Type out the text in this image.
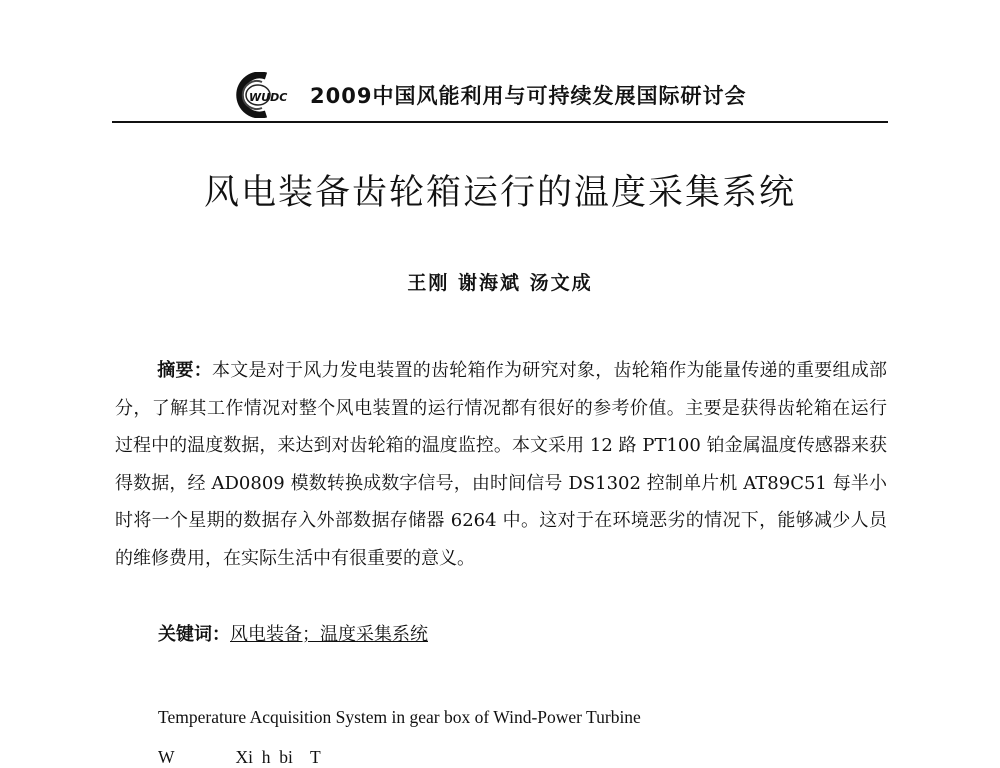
WUDC 2009中国风能利用与可持续发展国际研讨会
风电装备齿轮箱运行的温度采集系统
王刚 谢海斌 汤文成
摘要：本文是对于风力发电装置的齿轮箱作为研究对象，齿轮箱作为能量传递的重要组成部分，了解其工作情况对整个风电装置的运行情况都有很好的参考价值。主要是获得齿轮箱在运行过程中的温度数据，来达到对齿轮箱的温度监控。本文采用 12 路 PT100 铂金属温度传感器来获得数据，经 AD0809 模数转换成数字信号，由时间信号 DS1302 控制单片机 AT89C51 每半小时将一个星期的数据存入外部数据存储器 6264 中。这对于在环境恶劣的情况下，能够减少人员的维修费用，在实际生活中有很重要的意义。
关键词：风电装备；温度采集系统
Temperature Acquisition System in gear box of Wind-Power Turbine
W              Xi  h  bi    T
